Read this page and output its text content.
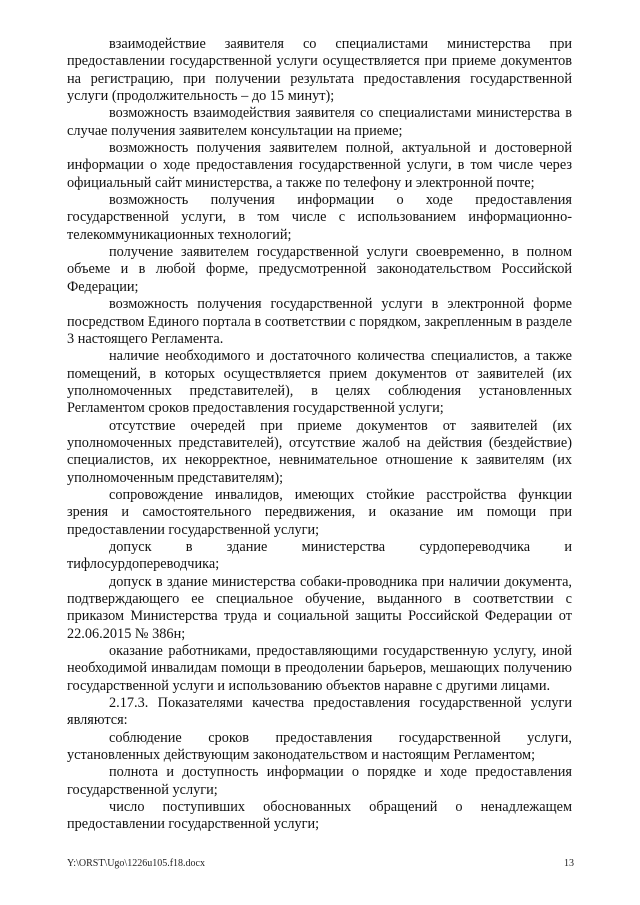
взаимодействие заявителя со специалистами министерства при предоставлении государственной услуги осуществляется при приеме документов на регистрацию, при получении результата предоставления государственной услуги (продолжительность – до 15 минут);

возможность взаимодействия заявителя со специалистами министерства в случае получения заявителем консультации на приеме;

возможность получения заявителем полной, актуальной и достоверной информации о ходе предоставления государственной услуги, в том числе через официальный сайт министерства, а также по телефону и электронной почте;

возможность получения информации о ходе предоставления государственной услуги, в том числе с использованием информационно-телекоммуникационных технологий;

получение заявителем государственной услуги своевременно, в полном объеме и в любой форме, предусмотренной законодательством Российской Федерации;

возможность получения государственной услуги в электронной форме посредством Единого портала в соответствии с порядком, закрепленным в разделе 3 настоящего Регламента.

наличие необходимого и достаточного количества специалистов, а также помещений, в которых осуществляется прием документов от заявителей (их уполномоченных представителей), в целях соблюдения установленных Регламентом сроков предоставления государственной услуги;

отсутствие очередей при приеме документов от заявителей (их уполномоченных представителей), отсутствие жалоб на действия (бездействие) специалистов, их некорректное, невнимательное отношение к заявителям (их уполномоченным представителям);

сопровождение инвалидов, имеющих стойкие расстройства функции зрения и самостоятельного передвижения, и оказание им помощи при предоставлении государственной услуги;

допуск в здание министерства сурдопереводчика и тифлосурдопереводчика;

допуск в здание министерства собаки-проводника при наличии документа, подтверждающего ее специальное обучение, выданного в соответствии с приказом Министерства труда и социальной защиты Российской Федерации от 22.06.2015 № 386н;

оказание работниками, предоставляющими государственную услугу, иной необходимой инвалидам помощи в преодолении барьеров, мешающих получению государственной услуги и использованию объектов наравне с другими лицами.

2.17.3. Показателями качества предоставления государственной услуги являются:

соблюдение сроков предоставления государственной услуги, установленных действующим законодательством и настоящим Регламентом;

полнота и доступность информации о порядке и ходе предоставления государственной услуги;

число поступивших обоснованных обращений о ненадлежащем предоставлении государственной услуги;

Y:\ORST\Ugo\1226u105.f18.docx	13
